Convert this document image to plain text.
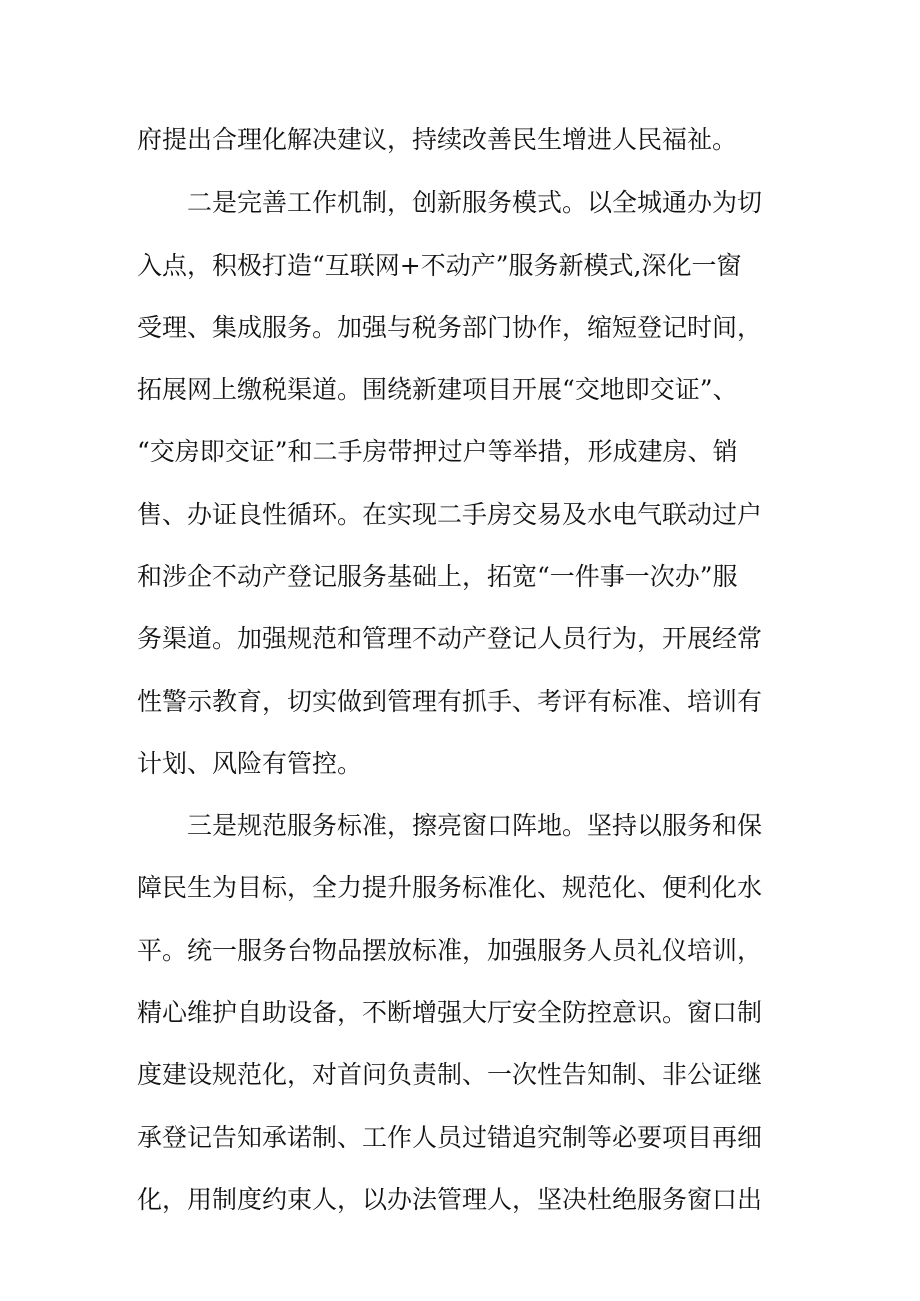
府提出合理化解决建议，持续改善民生增进人民福祉。
二是完善工作机制，创新服务模式。以全城通办为切
入点，积极打造“互联网+不动产”服务新模式,深化一窗
受理、集成服务。加强与税务部门协作，缩短登记时间，
拓展网上缴税渠道。围绕新建项目开展“交地即交证”、
“交房即交证”和二手房带押过户等举措，形成建房、销
售、办证良性循环。在实现二手房交易及水电气联动过户
和涉企不动产登记服务基础上，拓宽“一件事一次办”服
务渠道。加强规范和管理不动产登记人员行为，开展经常
性警示教育，切实做到管理有抓手、考评有标准、培训有
计划、风险有管控。
三是规范服务标准，擦亮窗口阵地。坚持以服务和保
障民生为目标，全力提升服务标准化、规范化、便利化水
平。统一服务台物品摆放标准，加强服务人员礼仪培训，
精心维护自助设备，不断增强大厅安全防控意识。窗口制
度建设规范化，对首问负责制、一次性告知制、非公证继
承登记告知承诺制、工作人员过错追究制等必要项目再细
化，用制度约束人，以办法管理人，坚决杜绝服务窗口出
